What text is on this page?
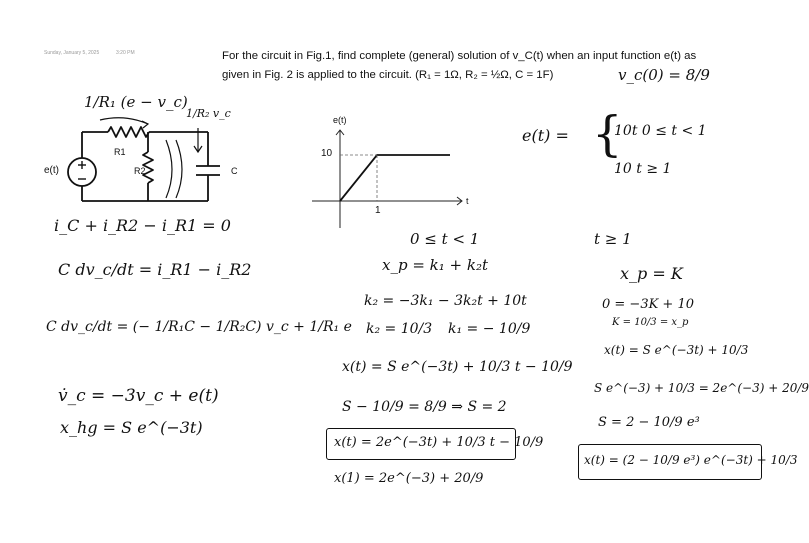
Sunday, January 5, 2025	3:20 PM	For the circuit in Fig.1, find complete (general) solution of v_C(t) when an input function e(t) as
given in Fig. 2 is applied to the circuit. (R₁ = 1Ω, R₂ = ½Ω, C = 1F)
e(t)
R1
R2	C
1/R₁ (e − v_c)
1/R₂ v_c	e(t)
t
10
1
v_c(0) = 8/9
e(t) = {
10t 0 ≤ t < 1
10 t ≥ 1
i_C + i_R2 − i_R1 = 0
C dv_c/dt = i_R1 − i_R2
C dv_c/dt = (− 1/R₁C − 1/R₂C) v_c + 1/R₁ e
v̇_c = −3v_c + e(t)
x_hg = S e^(−3t)
0 ≤ t < 1
x_p = k₁ + k₂t
k₂ = −3k₁ − 3k₂t + 10t
k₂ = 10/3 k₁ = − 10/9
x(t) = S e^(−3t) + 10/3 t − 10/9
S − 10/9 = 8/9 ⇒ S = 2
x(t) = 2e^(−3t) + 10/3 t − 10/9
x(1) = 2e^(−3) + 20/9
t ≥ 1
x_p = K
0 = −3K + 10
K = 10/3 = x_p
x(t) = S e^(−3t) + 10/3
S e^(−3) + 10/3 = 2e^(−3) + 20/9
S = 2 − 10/9 e³
x(t) = (2 − 10/9 e³) e^(−3t) + 10/3
